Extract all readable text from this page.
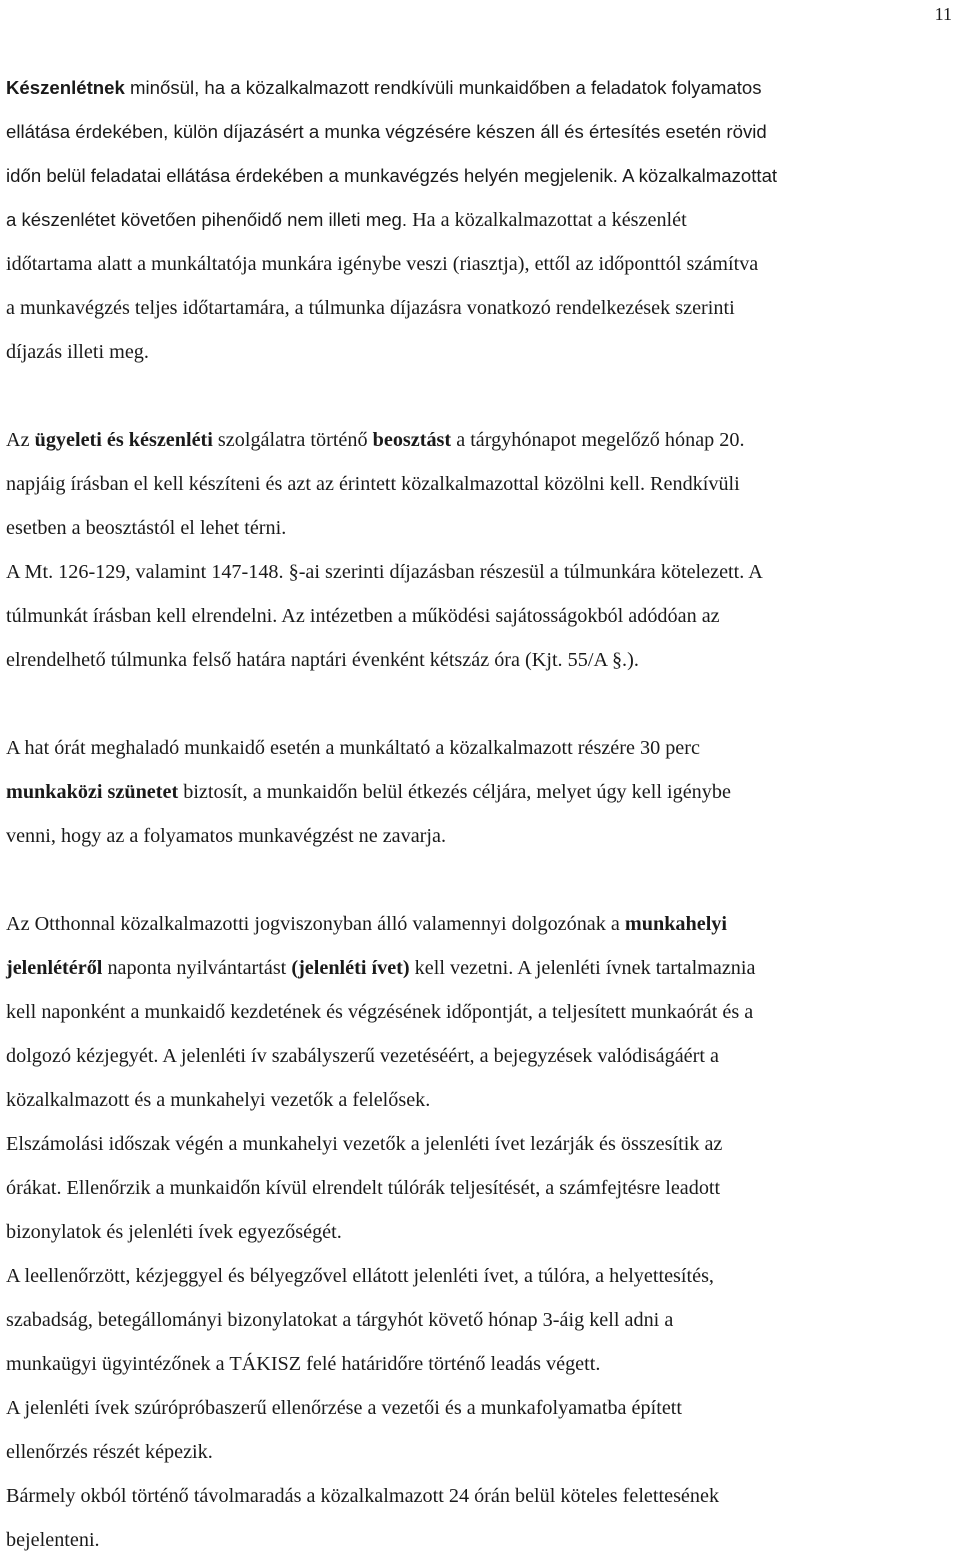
11
Készenlétnek minősül, ha a közalkalmazott rendkívüli munkaidőben a feladatok folyamatos
ellátása érdekében, külön díjazásért a munka végzésére készen áll és értesítés esetén rövid
időn belül feladatai ellátása érdekében a munkavégzés helyén megjelenik. A közalkalmazottat
a készenlétet követően pihenőidő nem illeti meg. Ha a közalkalmazottat a készenlét
időtartama alatt a munkáltatója munkára igénybe veszi (riasztja), ettől az időponttól számítva
a munkavégzés teljes időtartamára, a túlmunka díjazásra vonatkozó rendelkezések szerinti
díjazás illeti meg.
Az ügyeleti és készenléti szolgálatra történő beosztást a tárgyhónapot megelőző hónap 20.
napjáig írásban el kell készíteni és azt az érintett közalkalmazottal közölni kell. Rendkívüli
esetben a beosztástól el lehet térni.
A Mt. 126-129, valamint 147-148. §-ai szerinti díjazásban részesül a túlmunkára kötelezett. A
túlmunkát írásban kell elrendelni. Az intézetben a működési sajátosságokból adódóan az
elrendelhető túlmunka felső határa naptári évenként kétszáz óra (Kjt. 55/A §.).
A hat órát meghaladó munkaidő esetén a munkáltató a közalkalmazott részére 30 perc
munkaközi szünetet biztosít, a munkaidőn belül étkezés céljára, melyet úgy kell igénybe
venni, hogy az a folyamatos munkavégzést ne zavarja.
Az Otthonnal közalkalmazotti jogviszonyban álló valamennyi dolgozónak a munkahelyi
jelenlétéről naponta nyilvántartást (jelenléti ívet) kell vezetni. A jelenléti ívnek tartalmaznia
kell naponként a munkaidő kezdetének és végzésének időpontját, a teljesített munkaórát és a
dolgozó kézjegyét. A jelenléti ív szabályszerű vezetéséért, a bejegyzések valódiságáért a
közalkalmazott és a munkahelyi vezetők a felelősek.
Elszámolási időszak végén a munkahelyi vezetők a jelenléti ívet lezárják és összesítik az
órákat. Ellenőrzik a munkaidőn kívül elrendelt túlórák teljesítését, a számfejtésre leadott
bizonylatok és jelenléti ívek egyezőségét.
A leellenőrzött, kézjeggyel és bélyegzővel ellátott jelenléti ívet, a túlóra, a helyettesítés,
szabadság, betegállományi bizonylatokat a tárgyhót követő hónap 3-áig kell adni a
munkaügyi ügyintézőnek a TÁKISZ felé határidőre történő leadás végett.
A jelenléti ívek szúrópróbaszerű ellenőrzése a vezetői és a munkafolyamatba épített
ellenőrzés részét képezik.
Bármely okból történő távolmaradás a közalkalmazott 24 órán belül köteles felettesének
bejelenteni.
